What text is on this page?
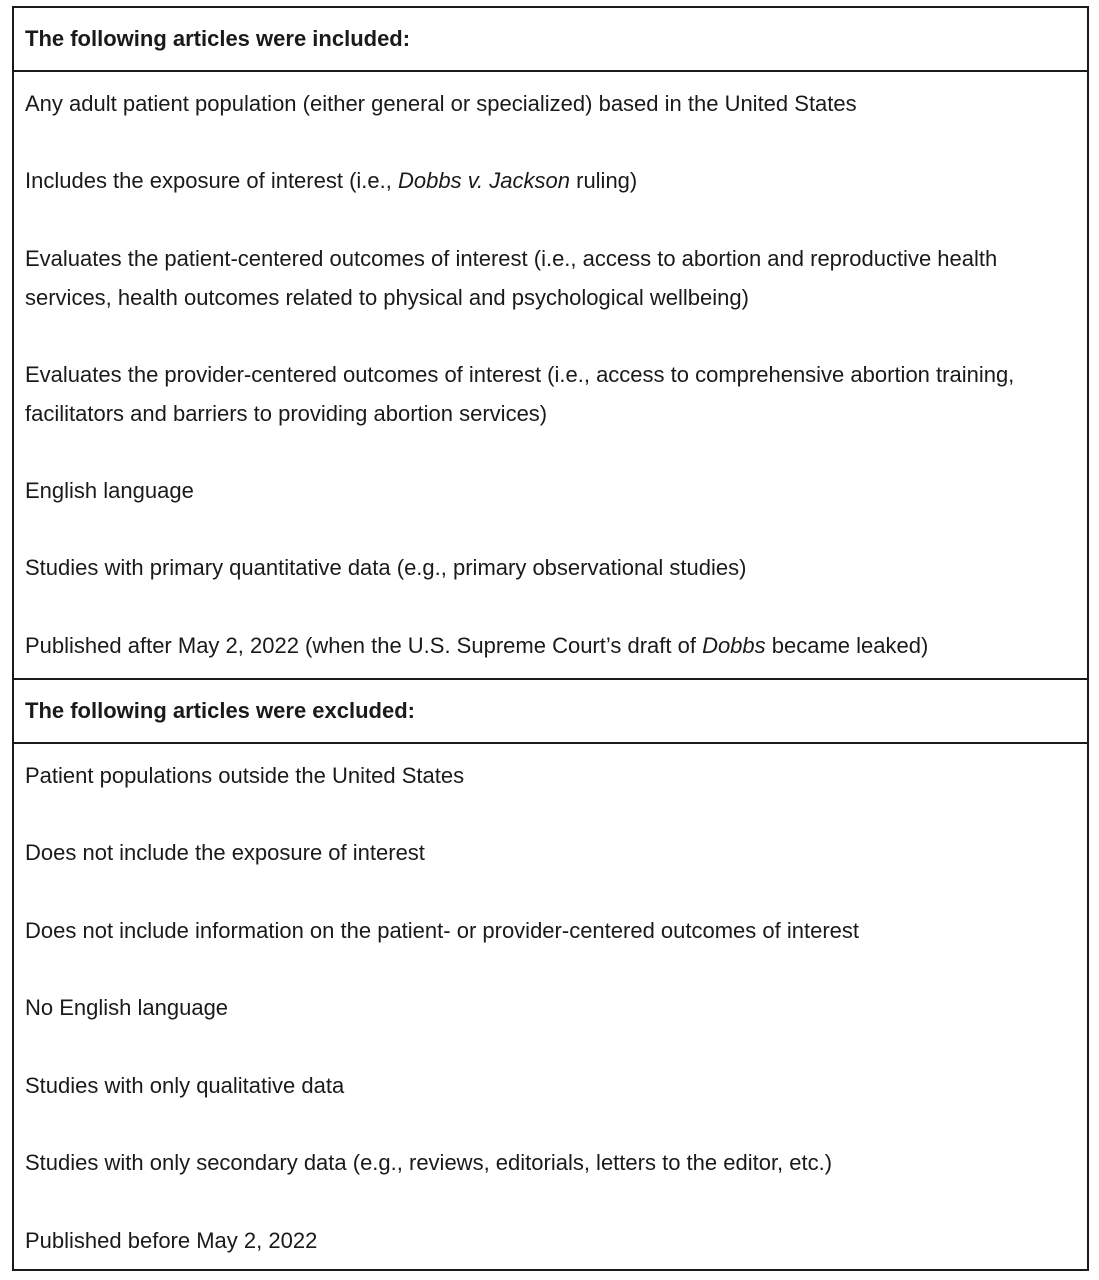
The following articles were included:
Any adult patient population (either general or specialized) based in the United States
Includes the exposure of interest (i.e., Dobbs v. Jackson ruling)
Evaluates the patient-centered outcomes of interest (i.e., access to abortion and reproductive health services, health outcomes related to physical and psychological wellbeing)
Evaluates the provider-centered outcomes of interest (i.e., access to comprehensive abortion training, facilitators and barriers to providing abortion services)
English language
Studies with primary quantitative data (e.g., primary observational studies)
Published after May 2, 2022 (when the U.S. Supreme Court’s draft of Dobbs became leaked)
The following articles were excluded:
Patient populations outside the United States
Does not include the exposure of interest
Does not include information on the patient- or provider-centered outcomes of interest
No English language
Studies with only qualitative data
Studies with only secondary data (e.g., reviews, editorials, letters to the editor, etc.)
Published before May 2, 2022
